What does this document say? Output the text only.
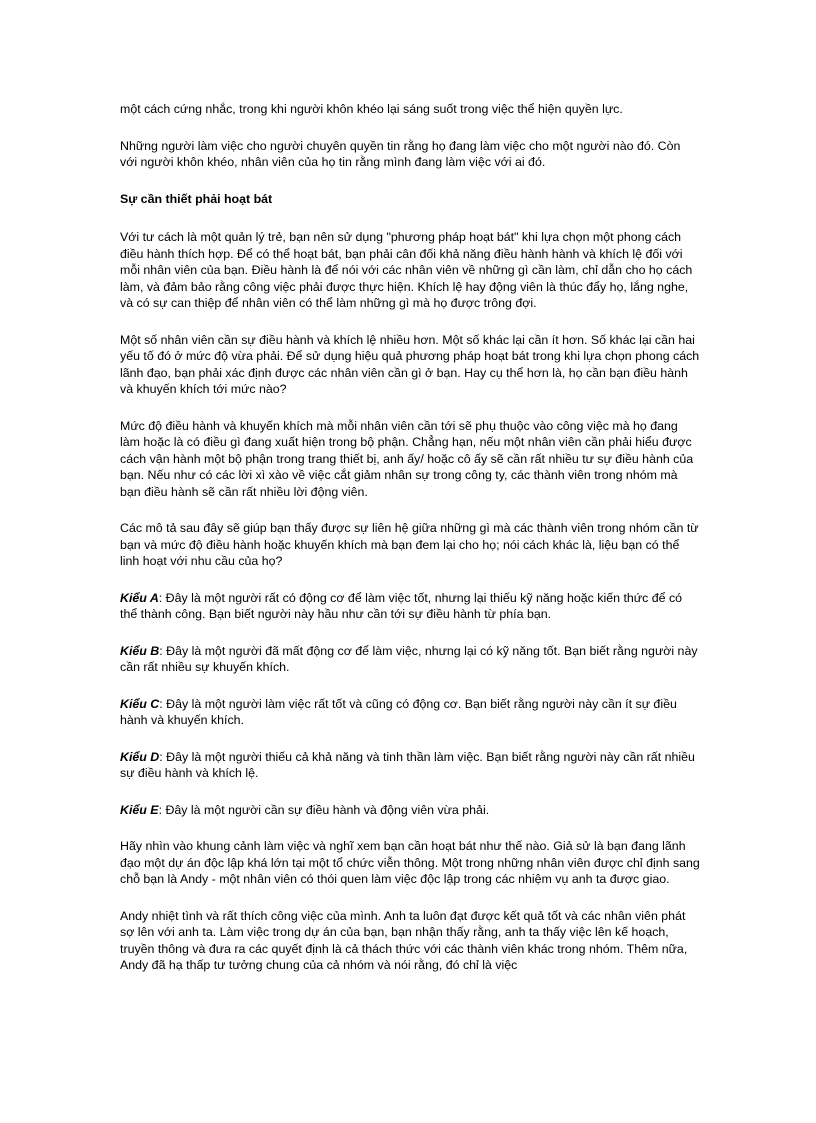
một cách cứng nhắc, trong khi người khôn khéo lại sáng suốt trong việc thể hiện quyền lực.

Những người làm việc cho người chuyên quyền tin rằng họ đang làm việc cho một người nào đó. Còn với người khôn khéo, nhân viên của họ tin rằng mình đang làm việc với ai đó.

Sự cần thiết phải hoạt bát

Với tư cách là một quản lý trẻ, bạn nên sử dụng "phương pháp hoạt bát" khi lựa chọn một phong cách điều hành thích hợp. Để có thể hoạt bát, bạn phải cân đối khả năng điều hành hành và khích lệ đối với mỗi nhân viên của bạn. Điều hành là để nói với các nhân viên về những gì cần làm, chỉ dẫn cho họ cách làm, và đảm bảo rằng công việc phải được thực hiện. Khích lệ hay động viên là thúc đẩy họ, lắng nghe, và có sự can thiệp để nhân viên có thể làm những gì mà họ được trông đợi.

Một số nhân viên cần sự điều hành và khích lệ nhiều hơn. Một số khác lại cần ít hơn. Số khác lại cần hai yếu tố đó ở mức độ vừa phải. Để sử dụng hiệu quả phương pháp hoạt bát trong khi lựa chọn phong cách lãnh đạo, bạn phải xác định được các nhân viên cần gì ở bạn. Hay cụ thể hơn là, họ cần bạn điều hành và khuyến khích tới mức nào?

Mức độ điều hành và khuyến khích mà mỗi nhân viên cần tới sẽ phụ thuộc vào công việc mà họ đang làm hoặc là có điều gì đang xuất hiện trong bộ phận. Chẳng hạn, nếu một nhân viên cần phải hiểu được cách vận hành một bộ phận trong trang thiết bị, anh ấy/ hoặc cô ấy sẽ cần rất nhiều tư sự điều hành của bạn. Nếu như có các lời xì xào về việc cắt giảm nhân sự trong công ty, các thành viên trong nhóm mà bạn điều hành sẽ cần rất nhiều lời động viên.

Các mô tả sau đây sẽ giúp bạn thấy được sự liên hệ giữa những gì mà các thành viên trong nhóm cần từ bạn và mức độ điều hành hoặc khuyến khích mà bạn đem lại cho họ; nói cách khác là, liệu bạn có thể linh hoạt với nhu cầu của họ?

Kiểu A: Đây là một người rất có động cơ để làm việc tốt, nhưng lại thiếu kỹ năng hoặc kiến thức để có thể thành công. Bạn biết người này hầu như cần tới sự điều hành từ phía bạn.

Kiểu B: Đây là một người đã mất động cơ để làm việc, nhưng lại có kỹ năng tốt. Bạn biết rằng người này cần rất nhiều sự khuyến khích.

Kiểu C: Đây là một người làm việc rất tốt và cũng có động cơ. Bạn biết rằng người này cần ít sự điều hành và khuyến khích.

Kiểu D: Đây là một người thiếu cả khả năng và tinh thần làm việc. Bạn biết rằng người này cần rất nhiều sự điều hành và khích lệ.

Kiểu E: Đây là một người cần sự điều hành và động viên vừa phải.

Hãy nhìn vào khung cảnh làm việc và nghĩ xem bạn cần hoạt bát như thế nào. Giả sử là bạn đang lãnh đạo một dự án độc lập khá lớn tại một tổ chức viễn thông. Một trong những nhân viên được chỉ định sang chỗ bạn là Andy - một nhân viên có thói quen làm việc độc lập trong các nhiệm vụ anh ta được giao.

Andy nhiệt tình và rất thích công việc của mình. Anh ta luôn đạt được kết quả tốt và các nhân viên phát sợ lên với anh ta. Làm việc trong dự án của bạn, bạn nhận thấy rằng, anh ta thấy việc lên kế hoạch, truyền thông và đưa ra các quyết định là cả thách thức với các thành viên khác trong nhóm. Thêm nữa, Andy đã hạ thấp tư tưởng chung của cả nhóm và nói rằng, đó chỉ là việc
